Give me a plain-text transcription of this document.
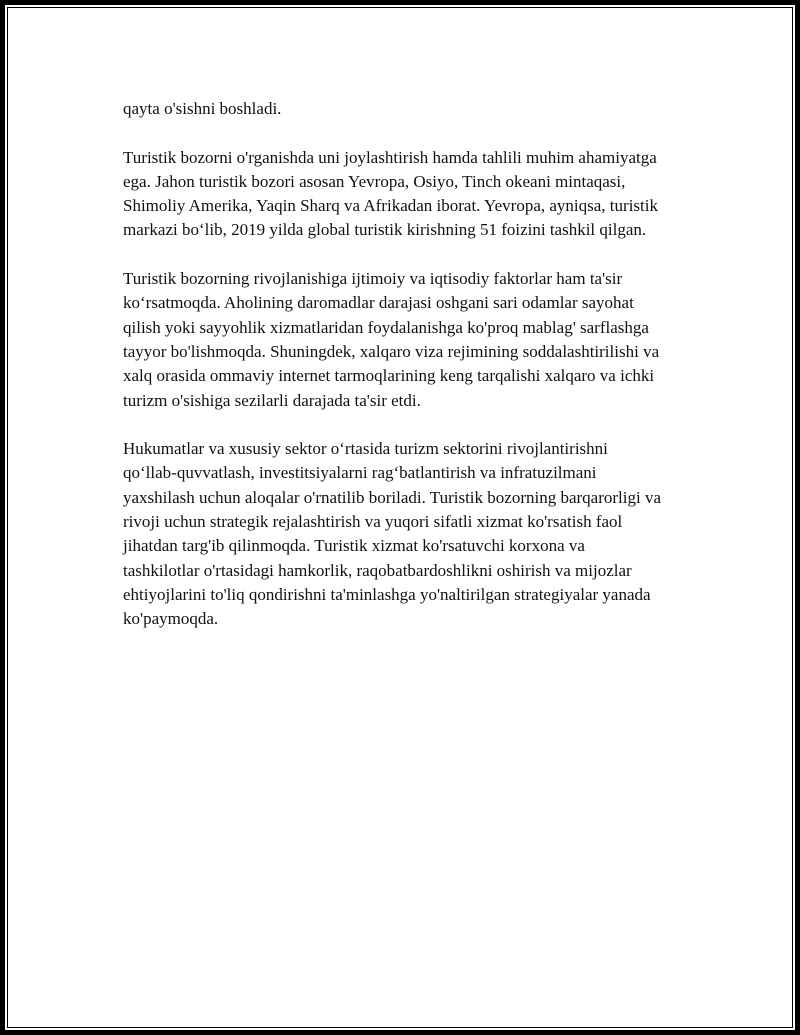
qayta o'sishni boshladi.

Turistik bozorni o'rganishda uni joylashtirish hamda tahlili muhim ahamiyatga ega. Jahon turistik bozori asosan Yevropa, Osiyo, Tinch okeani mintaqasi, Shimoliy Amerika, Yaqin Sharq va Afrikadan iborat. Yevropa, ayniqsa, turistik markazi bo‘lib, 2019 yilda global turistik kirishning 51 foizini tashkil qilgan.

Turistik bozorning rivojlanishiga ijtimoiy va iqtisodiy faktorlar ham ta'sir ko‘rsatmoqda. Aholining daromadlar darajasi oshgani sari odamlar sayohat qilish yoki sayyohlik xizmatlaridan foydalanishga ko'proq mablag' sarflashga tayyor bo'lishmoqda. Shuningdek, xalqaro viza rejimining soddalashtirilishi va xalq orasida ommaviy internet tarmoqlarining keng tarqalishi xalqaro va ichki turizm o'sishiga sezilarli darajada ta'sir etdi.

Hukumatlar va xususiy sektor o‘rtasida turizm sektorini rivojlantirishni qo‘llab-quvvatlash, investitsiyalarni rag‘batlantirish va infratuzilmani yaxshilash uchun aloqalar o'rnatilib boriladi. Turistik bozorning barqarorligi va rivoji uchun strategik rejalashtirish va yuqori sifatli xizmat ko'rsatish faol jihatdan targ'ib qilinmoqda. Turistik xizmat ko'rsatuvchi korxona va tashkilotlar o'rtasidagi hamkorlik, raqobatbardoshlikni oshirish va mijozlar ehtiyojlarini to'liq qondirishni ta'minlashga yo'naltirilgan strategiyalar yanada ko'paymoqda.
